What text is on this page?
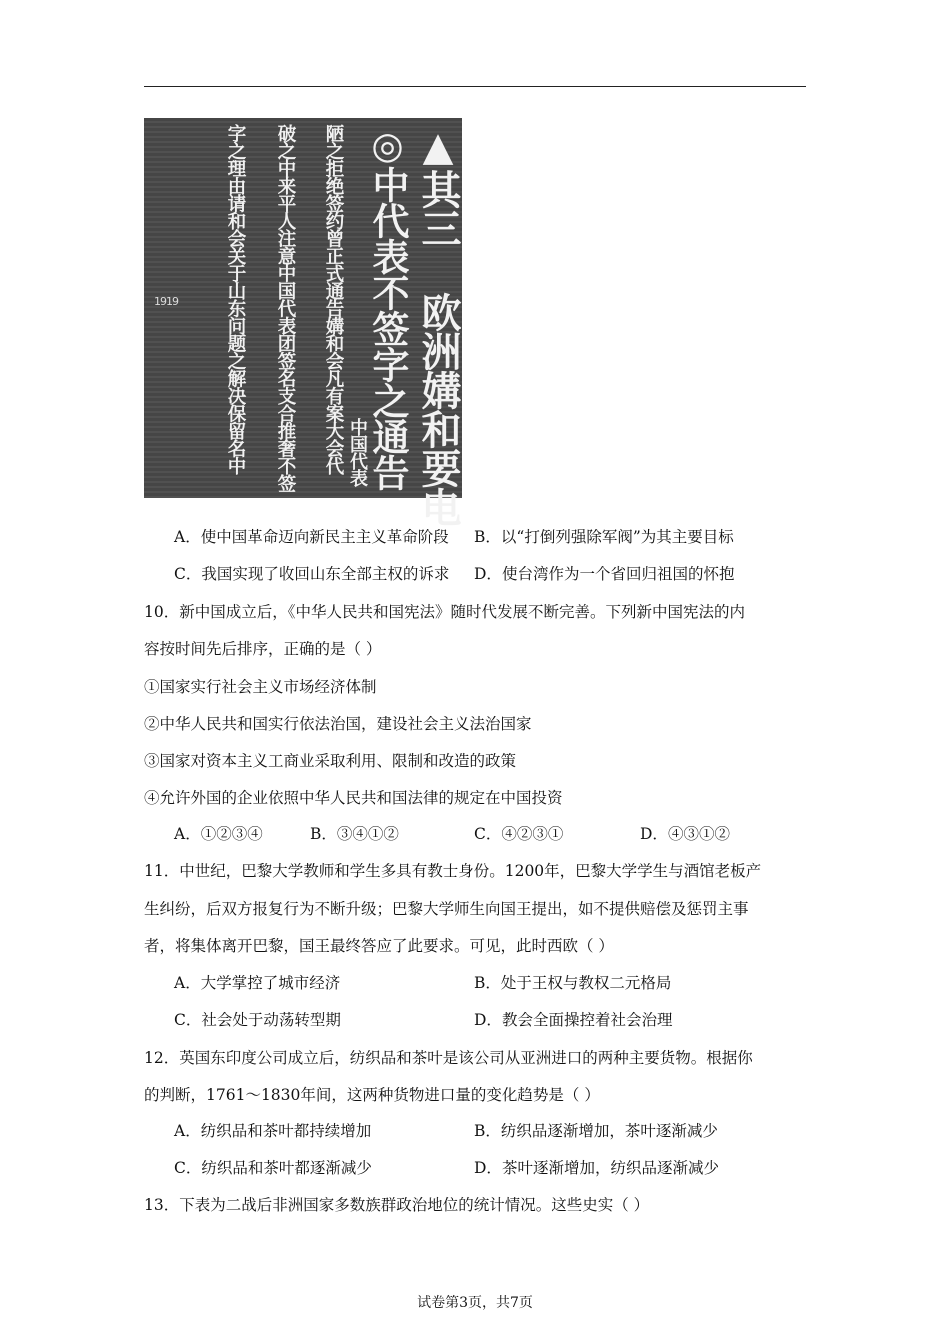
▲其三 欧洲媾和要电
◎中代表不签字之通告
中国代表
陋之拒绝签约曾正式通告媾和会凡有案大会代
破之中来平人注意中国代表团签名支合推奢不签
字之理由请和会关于山东问题之解决保留名中
1919
A．使中国革命迈向新民主主义革命阶段 B．以“打倒列强除军阀”为其主要目标
C．我国实现了收回山东全部主权的诉求 D．使台湾作为一个省回归祖国的怀抱
10．新中国成立后，《中华人民共和国宪法》随时代发展不断完善。下列新中国宪法的内
容按时间先后排序，正确的是（ ）
①国家实行社会主义市场经济体制
②中华人民共和国实行依法治国，建设社会主义法治国家
③国家对资本主义工商业采取利用、限制和改造的政策
④允许外国的企业依照中华人民共和国法律的规定在中国投资
A．①②③④	B．③④①②	C．④②③①	D．④③①②
11．中世纪，巴黎大学教师和学生多具有教士身份。1200年，巴黎大学学生与酒馆老板产
生纠纷，后双方报复行为不断升级；巴黎大学师生向国王提出，如不提供赔偿及惩罚主事
者，将集体离开巴黎，国王最终答应了此要求。可见，此时西欧（ ）
A．大学掌控了城市经济	B．处于王权与教权二元格局
C．社会处于动荡转型期	D．教会全面操控着社会治理
12．英国东印度公司成立后，纺织品和茶叶是该公司从亚洲进口的两种主要货物。根据你
的判断，1761～1830年间，这两种货物进口量的变化趋势是（ ）
A．纺织品和茶叶都持续增加	B．纺织品逐渐增加，茶叶逐渐减少
C．纺织品和茶叶都逐渐减少	D．茶叶逐渐增加，纺织品逐渐减少
13．下表为二战后非洲国家多数族群政治地位的统计情况。这些史实（ ）
试卷第3页，共7页
